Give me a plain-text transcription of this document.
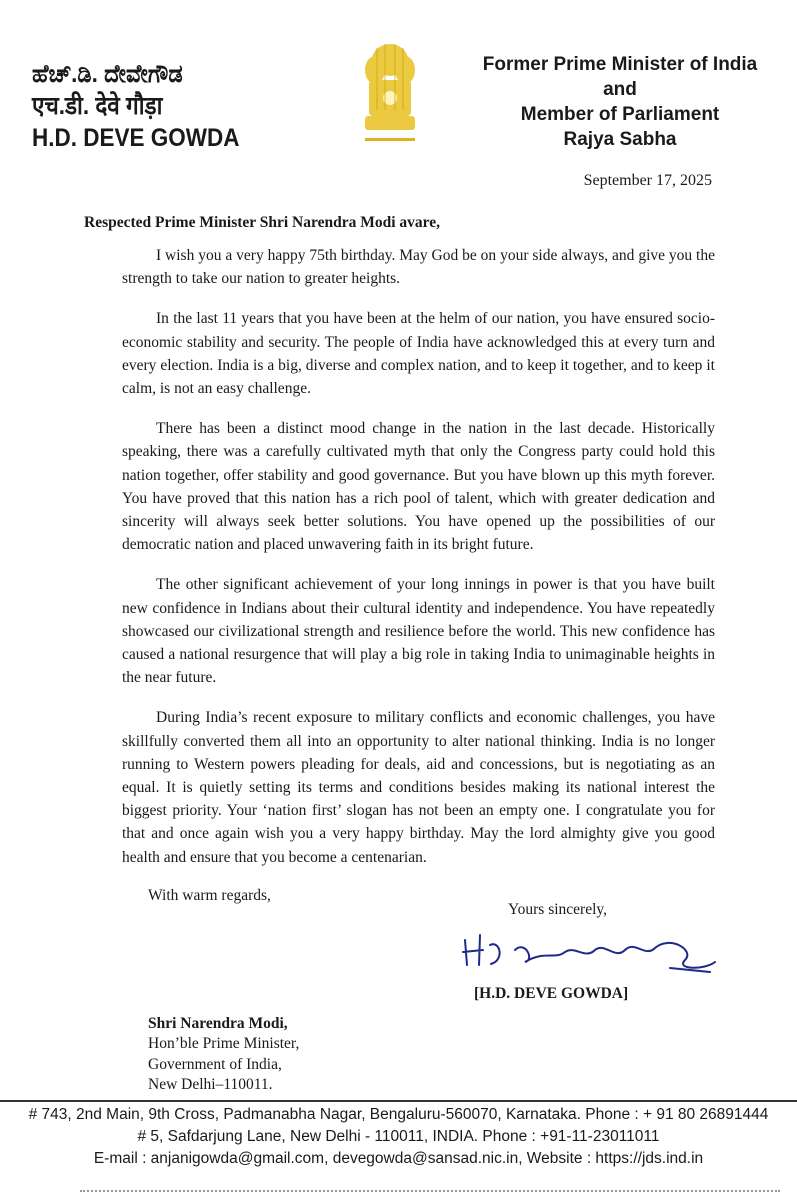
ಹೆಚ್.ಡಿ. ದೇವೇಗೌಡ
एच.डी. देवे गौड़ा
H.D. DEVE GOWDA
Former Prime Minister of India
and
Member of Parliament
Rajya Sabha
September 17, 2025
Respected Prime Minister Shri Narendra Modi avare,

I wish you a very happy 75th birthday. May God be on your side always, and give you the strength to take our nation to greater heights.

In the last 11 years that you have been at the helm of our nation, you have ensured socio-economic stability and security. The people of India have acknowledged this at every turn and every election. India is a big, diverse and complex nation, and to keep it together, and to keep it calm, is not an easy challenge.

There has been a distinct mood change in the nation in the last decade. Historically speaking, there was a carefully cultivated myth that only the Congress party could hold this nation together, offer stability and good governance. But you have blown up this myth forever. You have proved that this nation has a rich pool of talent, which with greater dedication and sincerity will always seek better solutions. You have opened up the possibilities of our democratic nation and placed unwavering faith in its bright future.

The other significant achievement of your long innings in power is that you have built new confidence in Indians about their cultural identity and independence. You have repeatedly showcased our civilizational strength and resilience before the world. This new confidence has caused a national resurgence that will play a big role in taking India to unimaginable heights in the near future.

During India’s recent exposure to military conflicts and economic challenges, you have skillfully converted them all into an opportunity to alter national thinking. India is no longer running to Western powers pleading for deals, aid and concessions, but is negotiating as an equal. It is quietly setting its terms and conditions besides making its national interest the biggest priority. Your ‘nation first’ slogan has not been an empty one. I congratulate you for that and once again wish you a very happy birthday. May the lord almighty give you good health and ensure that you become a centenarian.

With warm regards,
Yours sincerely,
[H.D. DEVE GOWDA]
Shri Narendra Modi,
Hon’ble Prime Minister,
Government of India,
New Delhi–110011.
# 743, 2nd Main, 9th Cross, Padmanabha Nagar, Bengaluru-560070, Karnataka. Phone : + 91 80 26891444
# 5, Safdarjung Lane, New Delhi - 110011, INDIA. Phone : +91-11-23011011
E-mail : anjanigowda@gmail.com, devegowda@sansad.nic.in, Website : https://jds.ind.in
